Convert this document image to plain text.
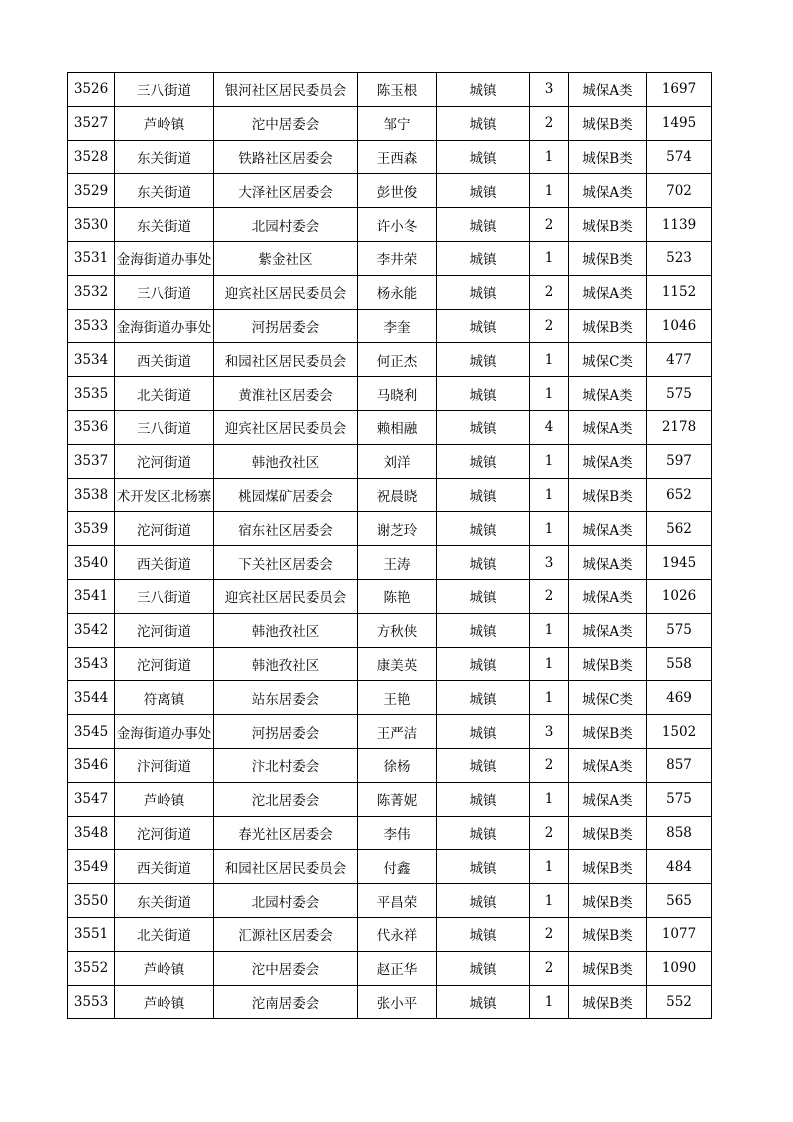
3526	三八街道	银河社区居民委员会	陈玉根	城镇	3	城保A类	1697
3527	芦岭镇	沱中居委会	邹宁	城镇	2	城保B类	1495
3528	东关街道	铁路社区居委会	王西森	城镇	1	城保B类	574
3529	东关街道	大泽社区居委会	彭世俊	城镇	1	城保A类	702
3530	东关街道	北园村委会	许小冬	城镇	2	城保B类	1139
3531	金海街道办事处	紫金社区	李井荣	城镇	1	城保B类	523
3532	三八街道	迎宾社区居民委员会	杨永能	城镇	2	城保A类	1152
3533	金海街道办事处	河拐居委会	李奎	城镇	2	城保B类	1046
3534	西关街道	和园社区居民委员会	何正杰	城镇	1	城保C类	477
3535	北关街道	黄淮社区居委会	马晓利	城镇	1	城保A类	575
3536	三八街道	迎宾社区居民委员会	赖相融	城镇	4	城保A类	2178
3537	沱河街道	韩池孜社区	刘洋	城镇	1	城保A类	597
3538	术开发区北杨寨	桃园煤矿居委会	祝晨晓	城镇	1	城保B类	652
3539	沱河街道	宿东社区居委会	谢芝玲	城镇	1	城保A类	562
3540	西关街道	下关社区居委会	王涛	城镇	3	城保A类	1945
3541	三八街道	迎宾社区居民委员会	陈艳	城镇	2	城保A类	1026
3542	沱河街道	韩池孜社区	方秋侠	城镇	1	城保A类	575
3543	沱河街道	韩池孜社区	康美英	城镇	1	城保B类	558
3544	符离镇	站东居委会	王艳	城镇	1	城保C类	469
3545	金海街道办事处	河拐居委会	王严洁	城镇	3	城保B类	1502
3546	汴河街道	汴北村委会	徐杨	城镇	2	城保A类	857
3547	芦岭镇	沱北居委会	陈菁妮	城镇	1	城保A类	575
3548	沱河街道	春光社区居委会	李伟	城镇	2	城保B类	858
3549	西关街道	和园社区居民委员会	付鑫	城镇	1	城保B类	484
3550	东关街道	北园村委会	平昌荣	城镇	1	城保B类	565
3551	北关街道	汇源社区居委会	代永祥	城镇	2	城保B类	1077
3552	芦岭镇	沱中居委会	赵正华	城镇	2	城保B类	1090
3553	芦岭镇	沱南居委会	张小平	城镇	1	城保B类	552
